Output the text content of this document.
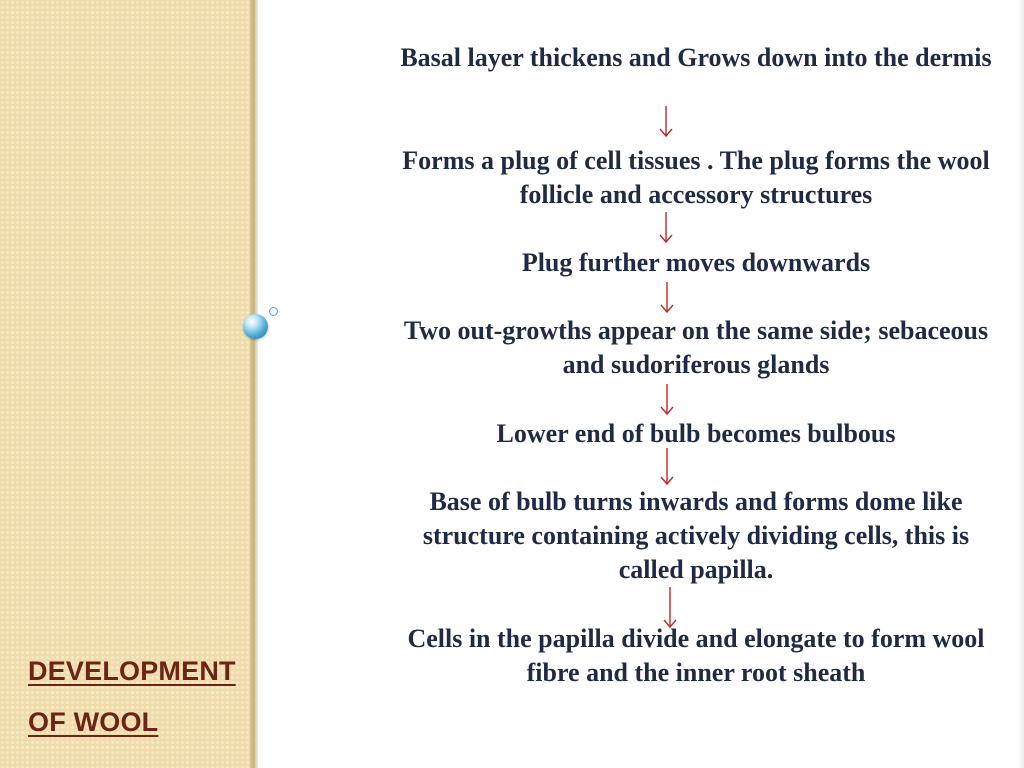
DEVELOPMENT
OF WOOL
Basal layer thickens and Grows down into the dermis
Forms a plug of cell tissues . The plug forms the wool follicle and accessory structures
Plug further moves downwards
Two out-growths appear on the same side; sebaceous and sudoriferous glands
Lower end of bulb becomes bulbous
Base of bulb turns inwards and forms dome like structure containing actively dividing cells, this is called papilla.
Cells in the papilla divide and elongate to form wool fibre and the inner root sheath
